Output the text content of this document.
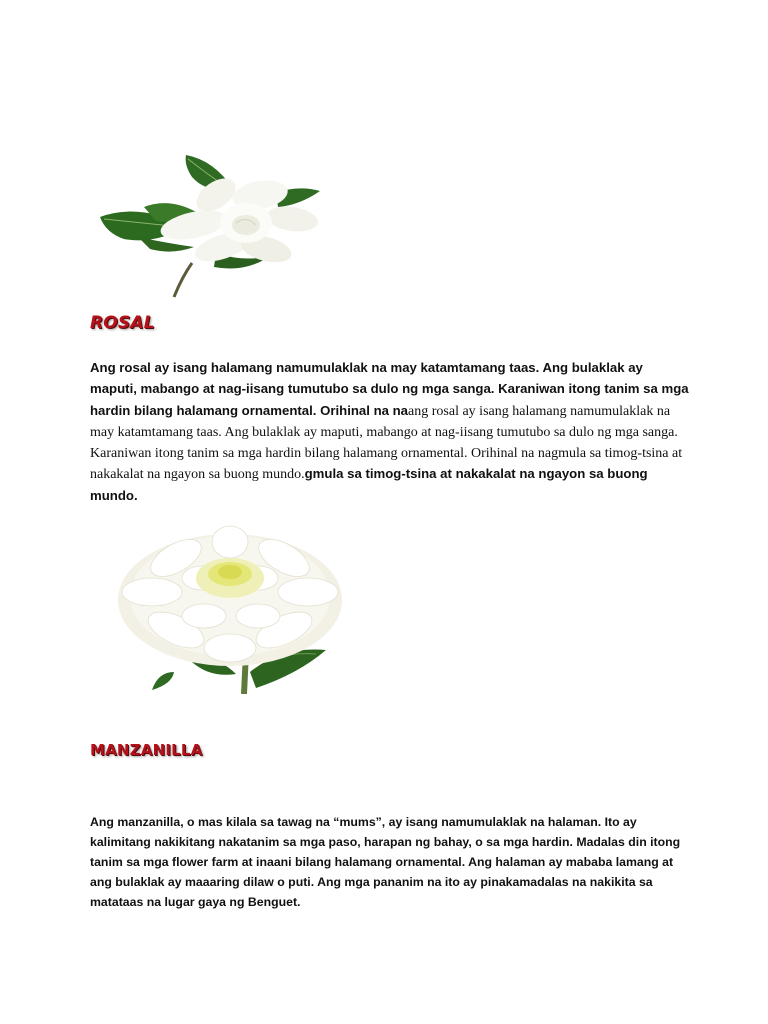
ROSAL
Ang rosal ay isang halamang namumulaklak na may katamtamang taas. Ang bulaklak ay maputi, mabango at nag-iisang tumutubo sa dulo ng mga sanga. Karaniwan itong tanim sa mga hardin bilang halamang ornamental. Orihinal na naang rosal ay isang halamang namumulaklak na may katamtamang taas. Ang bulaklak ay maputi, mabango at nag-iisang tumutubo sa dulo ng mga sanga. Karaniwan itong tanim sa mga hardin bilang halamang ornamental. Orihinal na nagmula sa timog-tsina at nakakalat na ngayon sa buong mundo.gmula sa timog-tsina at nakakalat na ngayon sa buong mundo.
MANZANILLA
Ang manzanilla, o mas kilala sa tawag na “mums”, ay isang namumulaklak na halaman. Ito ay kalimitang nakikitang nakatanim sa mga paso, harapan ng bahay, o sa mga hardin. Madalas din itong tanim sa mga flower farm at inaani bilang halamang ornamental. Ang halaman ay mababa lamang at ang bulaklak ay maaaring dilaw o puti. Ang mga pananim na ito ay pinakamadalas na nakikita sa matataas na lugar gaya ng Benguet.
